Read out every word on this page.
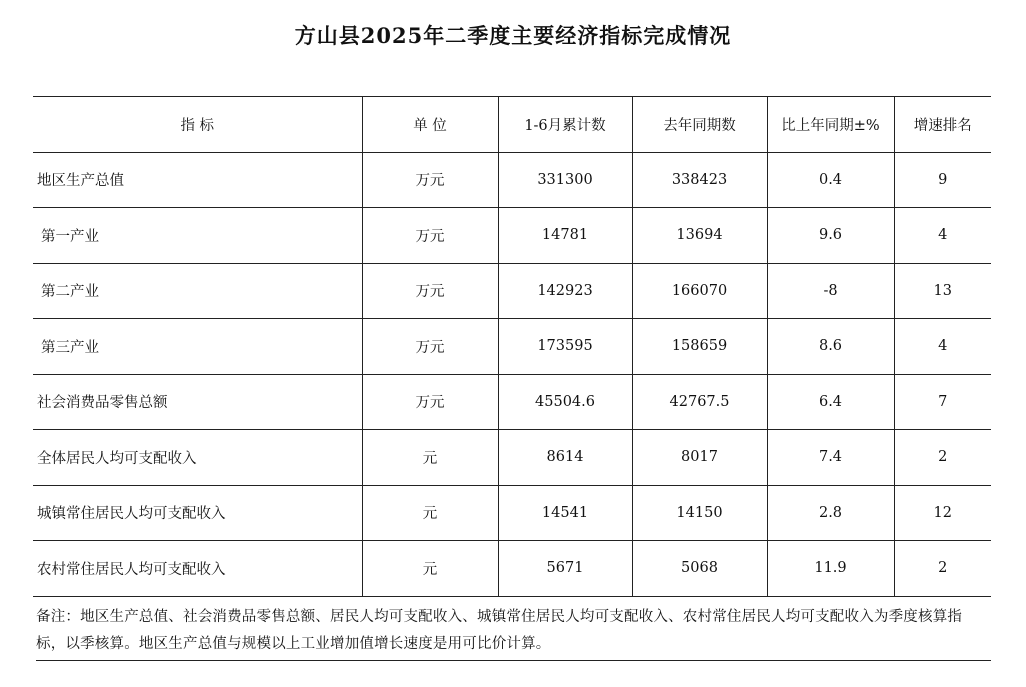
方山县2025年二季度主要经济指标完成情况
指 标	单 位	1-6月累计数	去年同期数	比上年同期±%	增速排名
地区生产总值	万元	331300	338423	0.4	9
第一产业	万元	14781	13694	9.6	4
第二产业	万元	142923	166070	-8	13
第三产业	万元	173595	158659	8.6	4
社会消费品零售总额	万元	45504.6	42767.5	6.4	7
全体居民人均可支配收入	元	8614	8017	7.4	2
城镇常住居民人均可支配收入	元	14541	14150	2.8	12
农村常住居民人均可支配收入	元	5671	5068	11.9	2
备注：地区生产总值、社会消费品零售总额、居民人均可支配收入、城镇常住居民人均可支配收入、农村常住居民人均可支配收入为季度核算指标，以季核算。地区生产总值与规模以上工业增加值增长速度是用可比价计算。
